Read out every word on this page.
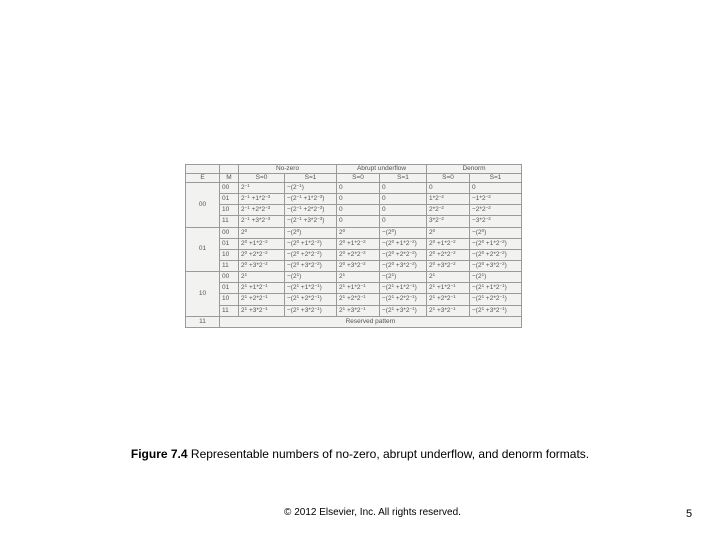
		No-zero		Abrupt underflow		Denorm	
E	M	S=0	S=1	S=0	S=1	S=0	S=1
00	00	$2^{-1}$	$-(2^{-1})$	0	0	0	0
	01	$2^{-1} +1*2^{-3}$	$-(2^{-1} +1*2^{-3})$	0	0	$1*2^{-2}$	$-1*2^{-2}$
	10	$2^{-1} +2*2^{-3}$	$-(2^{-1} +2*2^{-3})$	0	0	$2*2^{-2}$	$-2*2^{-2}$
	11	$2^{-1} +3*2^{-3}$	$-(2^{-1} +3*2^{-3})$	0	0	$3*2^{-2}$	$-3*2^{-2}$
01	00	$2^0$	$-(2^0)$	$2^0$	$-(2^0)$	$2^0$	$-(2^0)$
	01	$2^0 +1*2^{-2}$	$-(2^0 +1*2^{-2})$	$2^0 +1*2^{-2}$	$-(2^0 +1*2^{-2})$	$2^0 +1*2^{-2}$	$-(2^0 +1*2^{-2})$
	10	$2^0 +2*2^{-2}$	$-(2^0 +2*2^{-2})$	$2^0 +2*2^{-2}$	$-(2^0 +2*2^{-2})$	$2^0 +2*2^{-2}$	$-(2^0 +2*2^{-2})$
	11	$2^0 +3*2^{-2}$	$-(2^0 +3*2^{-2})$	$2^0 +3*2^{-2}$	$-(2^0 +3*2^{-2})$	$2^0 +3*2^{-2}$	$-(2^0 +3*2^{-2})$
10	00	$2^1$	$-(2^1)$	$2^1$	$-(2^1)$	$2^1$	$-(2^1)$
	01	$2^1 +1*2^{-1}$	$-(2^1 +1*2^{-1})$	$2^1 +1*2^{-1}$	$-(2^1 +1*2^{-1})$	$2^1 +1*2^{-1}$	$-(2^1 +1*2^{-1})$
	10	$2^1 +2*2^{-1}$	$-(2^1 +2*2^{-1})$	$2^1 +2*2^{-1}$	$-(2^1 +2*2^{-1})$	$2^1 +2*2^{-1}$	$-(2^1 +2*2^{-1})$
	11	$2^1 +3*2^{-1}$	$-(2^1 +3*2^{-1})$	$2^1 +3*2^{-1}$	$-(2^1 +3*2^{-1})$	$2^1 +3*2^{-1}$	$-(2^1 +3*2^{-1})$
11	Reserved pattern						
Figure 7.4 Representable numbers of no-zero, abrupt underflow, and denorm formats.
© 2012 Elsevier, Inc. All rights reserved.	5
